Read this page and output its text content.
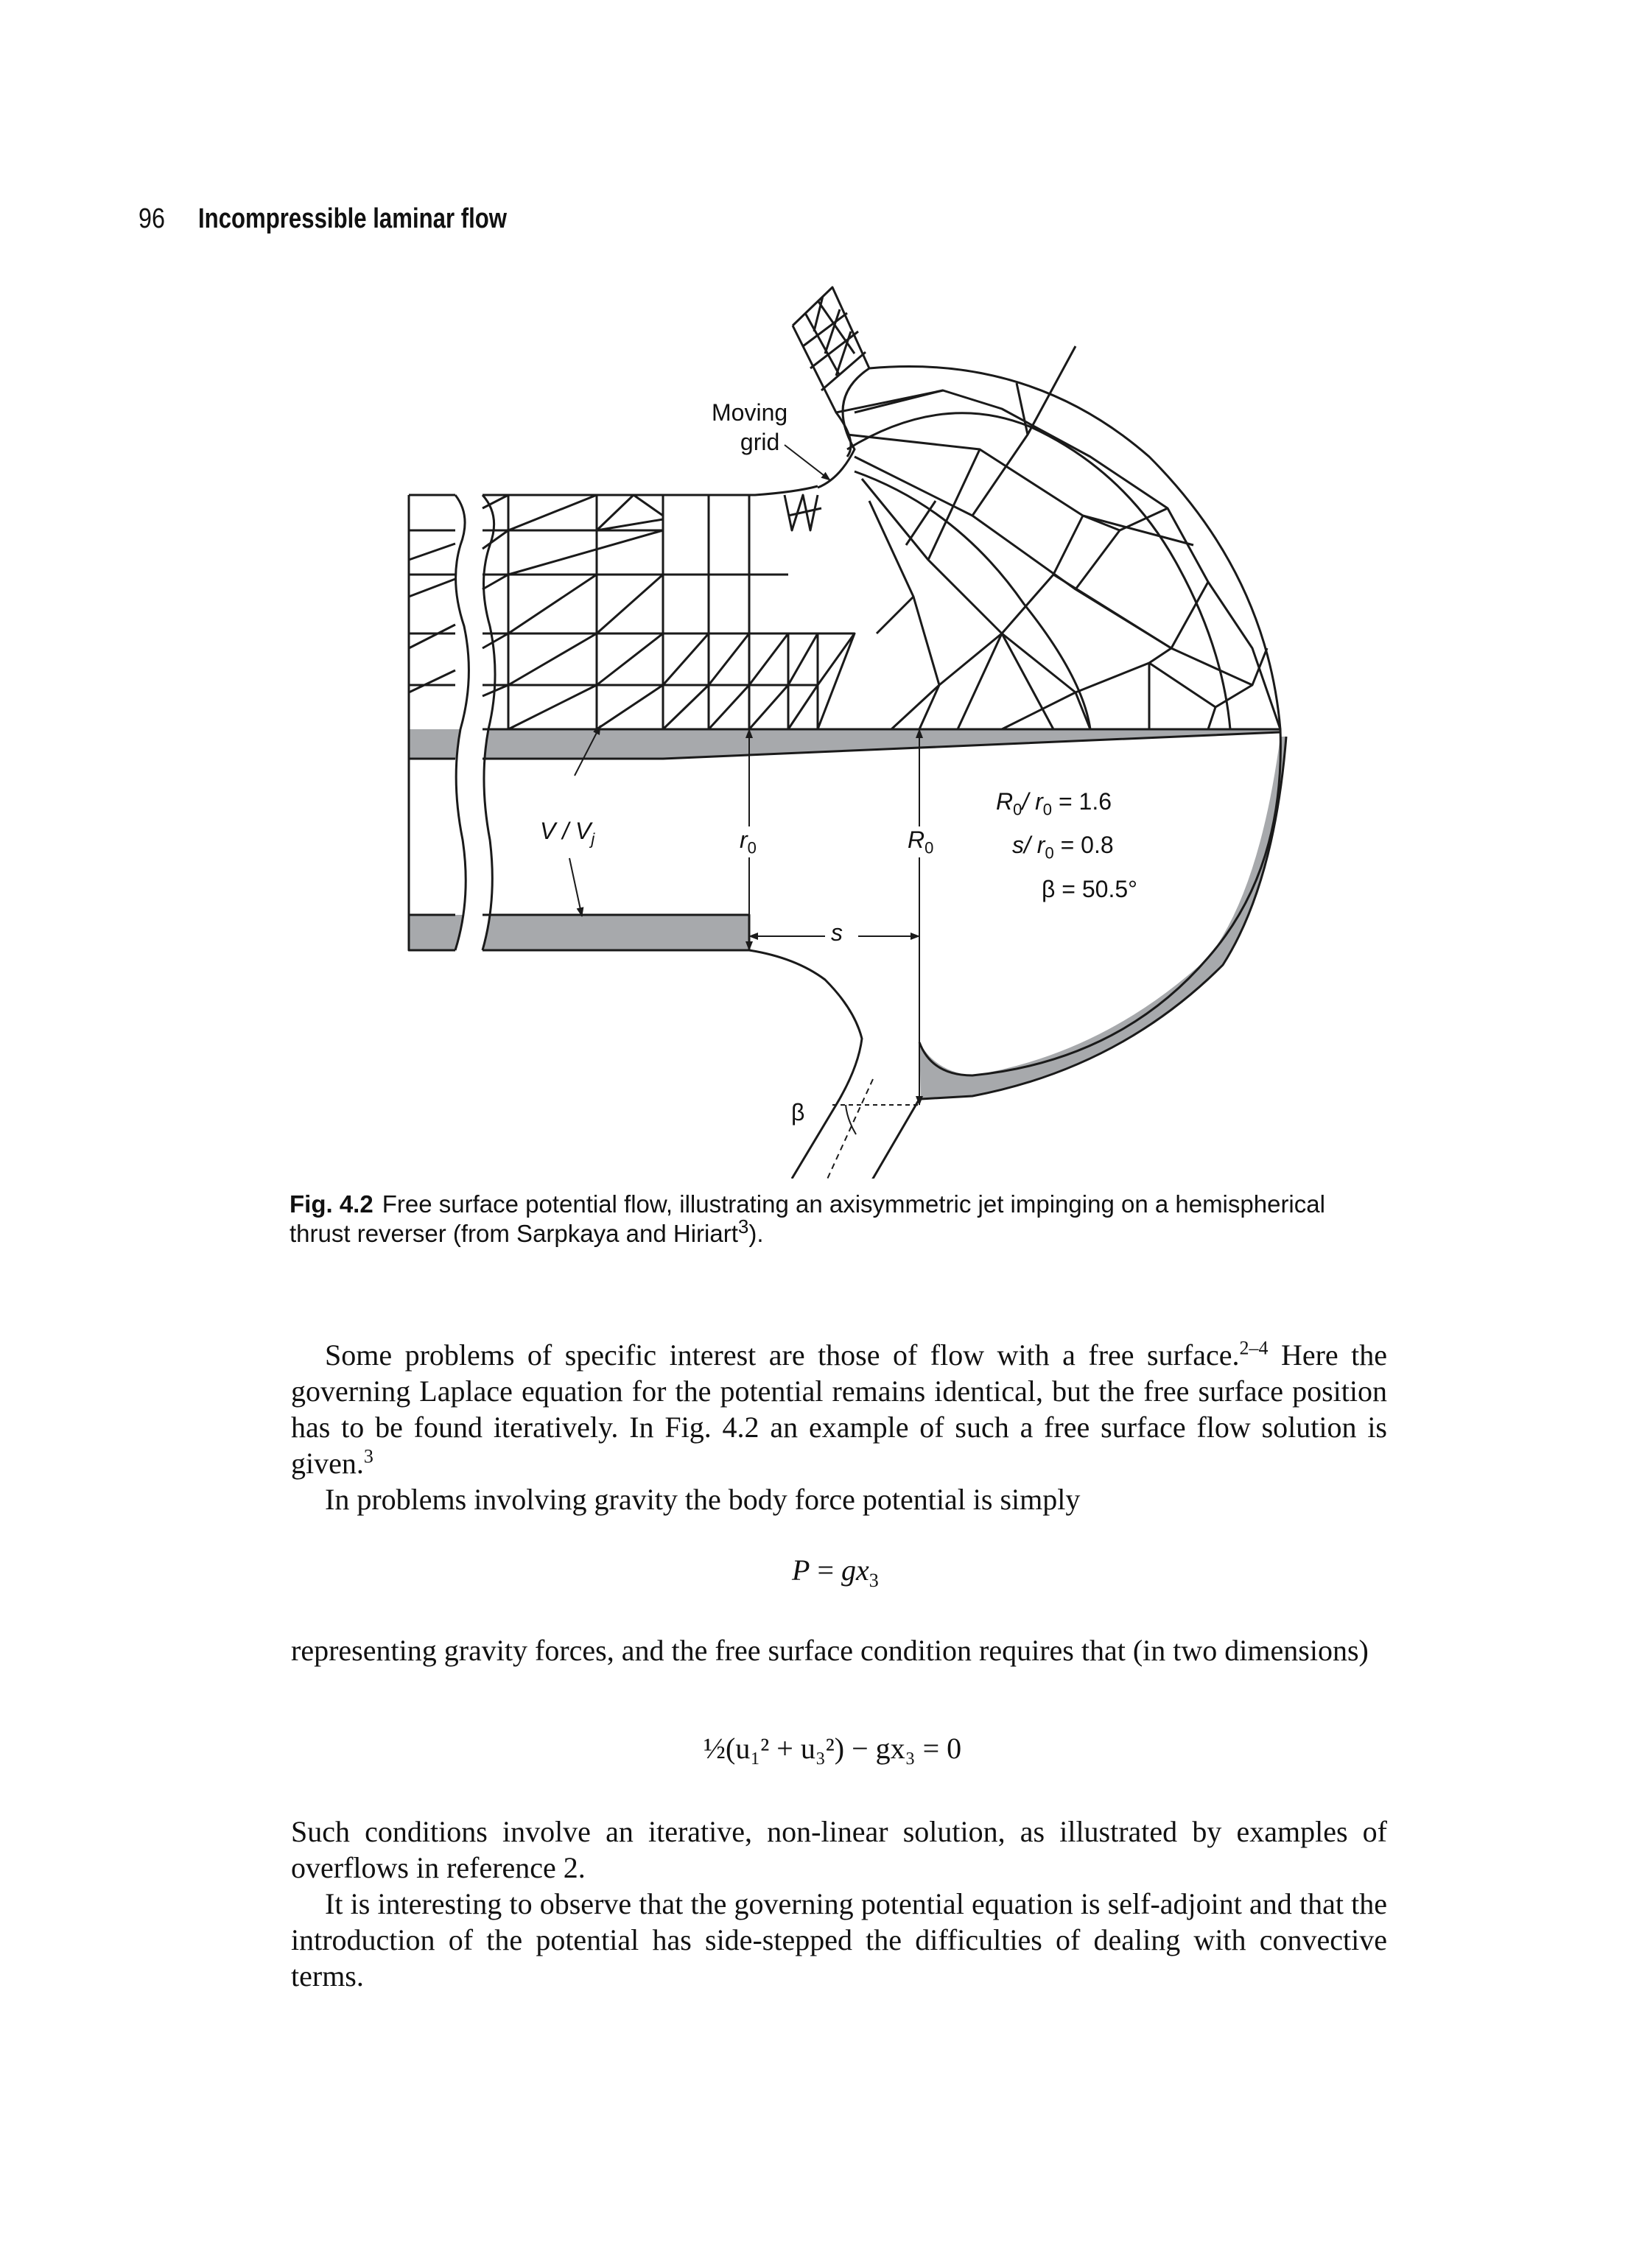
96 Incompressible laminar flow
Moving
grid
V / $V_j$	$r_0$	$R_0$
s
β
$R_0/$ $r_0 = 1.6$
s/ $r_0 = 0.8$
β = 50.5°
Fig. 4.2 Free surface potential flow, illustrating an axisymmetric jet impinging on a hemispherical thrust reverser (from Sarpkaya and Hiriart$^3$).

Some problems of specific interest are those of flow with a free surface.$^{2-4}$ Here the governing Laplace equation for the potential remains identical, but the free surface position has to be found iteratively. In Fig. 4.2 an example of such a free surface flow solution is given.$^3$

In problems involving gravity the body force potential is simply

$P = gx_3$

representing gravity forces, and the free surface condition requires that (in two dimensions)

½(u₁² + u₃²) − gx₃ = 0

Such conditions involve an iterative, non-linear solution, as illustrated by examples of overflows in reference 2.

It is interesting to observe that the governing potential equation is self-adjoint and that the introduction of the potential has side-stepped the difficulties of dealing with convective terms.
